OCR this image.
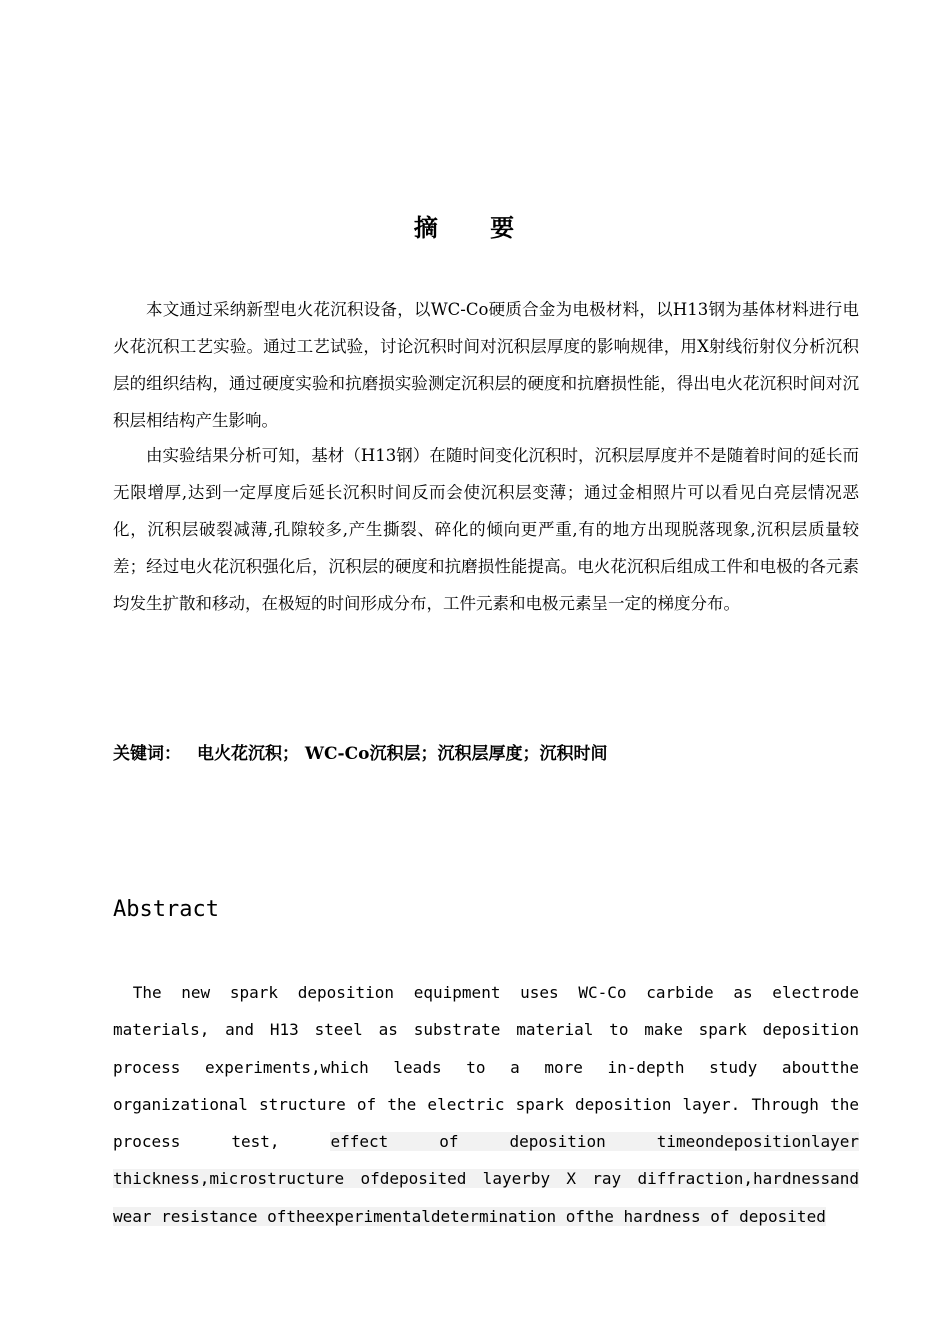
摘 要

本文通过采纳新型电火花沉积设备，以WC-Co硬质合金为电极材料，以H13钢为基体材料进行电火花沉积工艺实验。通过工艺试验，讨论沉积时间对沉积层厚度的影响规律，用X射线衍射仪分析沉积层的组织结构，通过硬度实验和抗磨损实验测定沉积层的硬度和抗磨损性能，得出电火花沉积时间对沉积层相结构产生影响。

由实验结果分析可知，基材（H13钢）在随时间变化沉积时，沉积层厚度并不是随着时间的延长而无限增厚,达到一定厚度后延长沉积时间反而会使沉积层变薄；通过金相照片可以看见白亮层情况恶化，沉积层破裂减薄,孔隙较多,产生撕裂、碎化的倾向更严重,有的地方出现脱落现象,沉积层质量较差；经过电火花沉积强化后，沉积层的硬度和抗磨损性能提高。电火花沉积后组成工件和电极的各元素均发生扩散和移动，在极短的时间形成分布，工件元素和电极元素呈一定的梯度分布。

关键词： 电火花沉积； WC-Co沉积层；沉积层厚度；沉积时间
Abstract

The new spark deposition equipment uses WC-Co carbide as electrode materials, and H13 steel as substrate material to make spark deposition process experiments,which leads to a more in-depth study aboutthe organizational structure of the electric spark deposition layer. Through the process test, effect of deposition timeondepositionlayer thickness,microstructure ofdeposited layerby X ray diffraction,hardnessand wear resistance oftheexperimentaldetermination ofthe hardness of deposited
